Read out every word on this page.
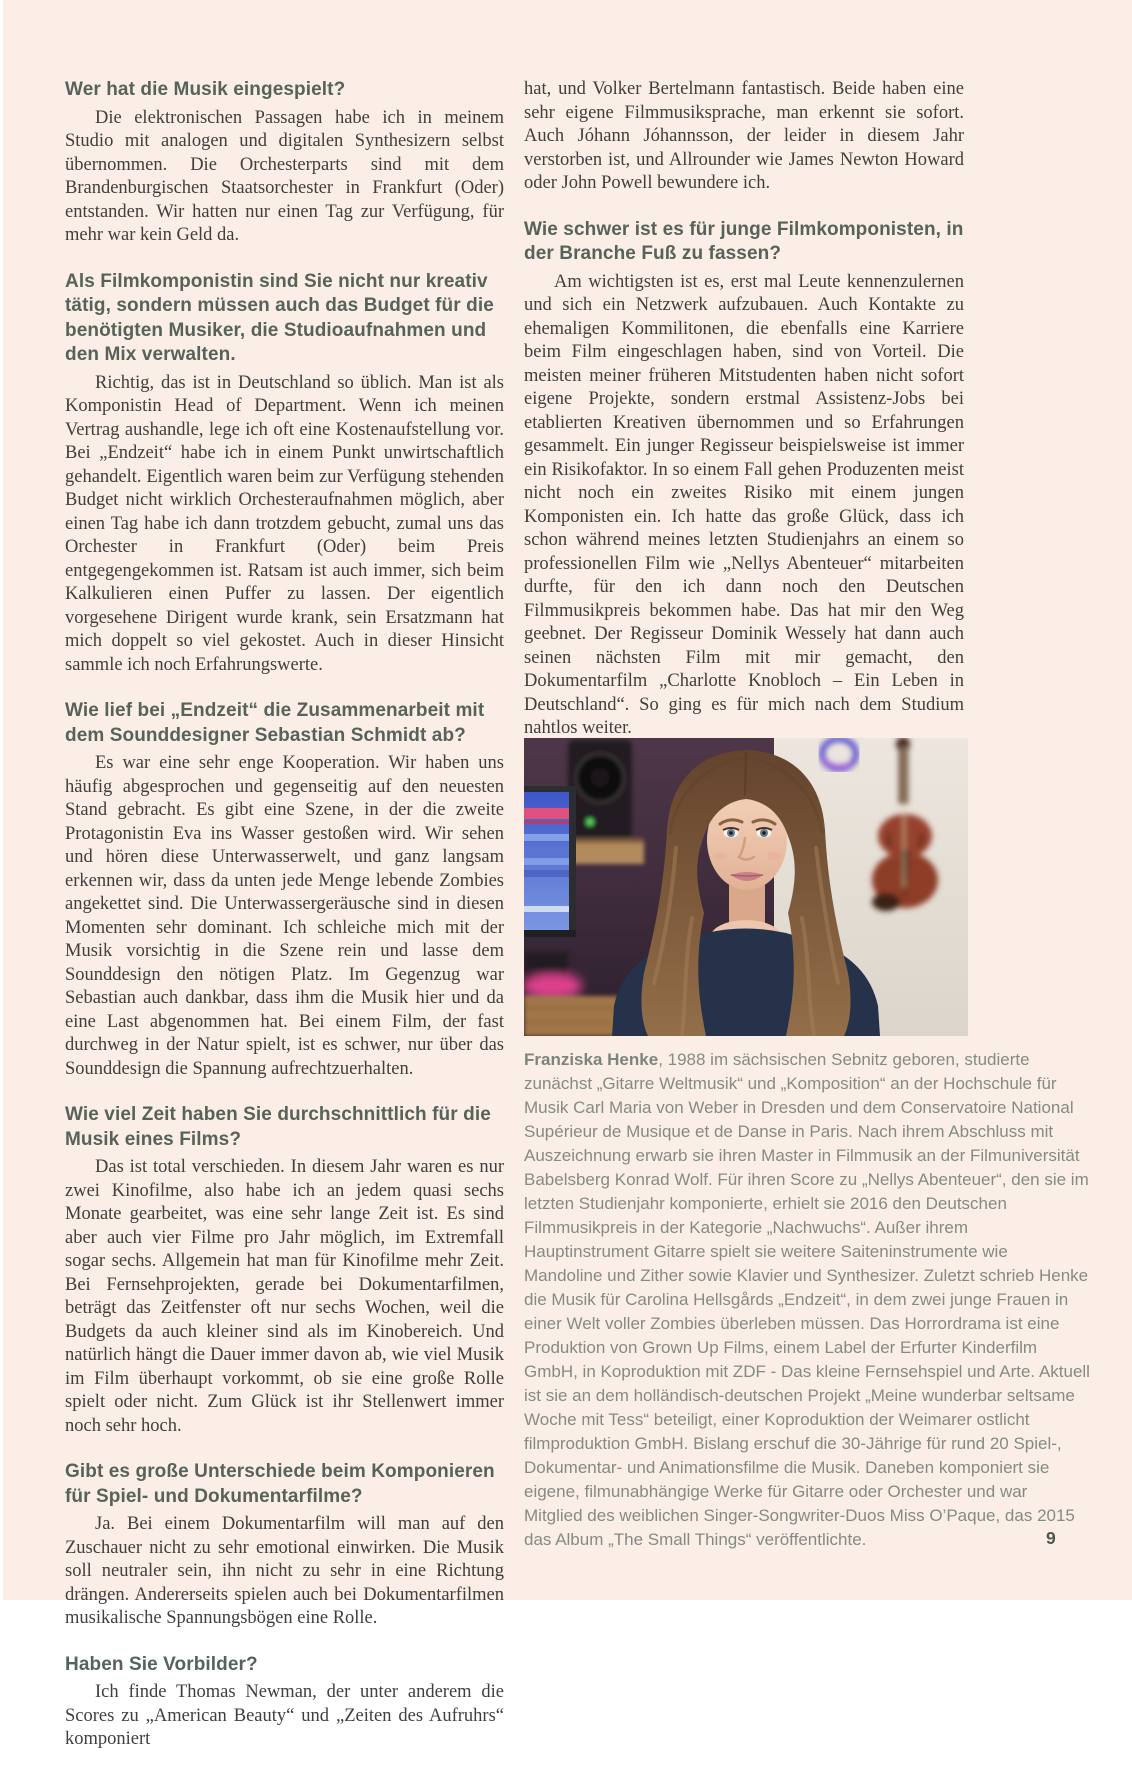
Wer hat die Musik eingespielt?

Die elektronischen Passagen habe ich in meinem Studio mit analogen und digitalen Synthesizern selbst übernommen. Die Orchesterparts sind mit dem Brandenburgischen Staatsorchester in Frankfurt (Oder) entstanden. Wir hatten nur einen Tag zur Verfügung, für mehr war kein Geld da.

Als Filmkomponistin sind Sie nicht nur kreativ tätig, sondern müssen auch das Budget für die benötigten Musiker, die Studioaufnahmen und den Mix verwalten.

Richtig, das ist in Deutschland so üblich. Man ist als Komponistin Head of Department. Wenn ich meinen Vertrag aushandle, lege ich oft eine Kostenaufstellung vor. Bei „Endzeit“ habe ich in einem Punkt unwirtschaftlich gehandelt. Eigentlich waren beim zur Verfügung stehenden Budget nicht wirklich Orchesteraufnahmen möglich, aber einen Tag habe ich dann trotzdem gebucht, zumal uns das Orchester in Frankfurt (Oder) beim Preis entgegengekommen ist. Ratsam ist auch immer, sich beim Kalkulieren einen Puffer zu lassen. Der eigentlich vorgesehene Dirigent wurde krank, sein Ersatzmann hat mich doppelt so viel gekostet. Auch in dieser Hinsicht sammle ich noch Erfahrungswerte.

Wie lief bei „Endzeit“ die Zusammenarbeit mit dem Sounddesigner Sebastian Schmidt ab?

Es war eine sehr enge Kooperation. Wir haben uns häufig abgesprochen und gegenseitig auf den neuesten Stand gebracht. Es gibt eine Szene, in der die zweite Protagonistin Eva ins Wasser gestoßen wird. Wir sehen und hören diese Unterwasserwelt, und ganz langsam erkennen wir, dass da unten jede Menge lebende Zombies angekettet sind. Die Unterwassergeräusche sind in diesen Momenten sehr dominant. Ich schleiche mich mit der Musik vorsichtig in die Szene rein und lasse dem Sounddesign den nötigen Platz. Im Gegenzug war Sebastian auch dankbar, dass ihm die Musik hier und da eine Last abgenommen hat. Bei einem Film, der fast durchweg in der Natur spielt, ist es schwer, nur über das Sounddesign die Spannung aufrechtzuerhalten.

Wie viel Zeit haben Sie durchschnittlich für die Musik eines Films?

Das ist total verschieden. In diesem Jahr waren es nur zwei Kinofilme, also habe ich an jedem quasi sechs Monate gearbeitet, was eine sehr lange Zeit ist. Es sind aber auch vier Filme pro Jahr möglich, im Extremfall sogar sechs. Allgemein hat man für Kinofilme mehr Zeit. Bei Fernsehprojekten, gerade bei Dokumentarfilmen, beträgt das Zeitfenster oft nur sechs Wochen, weil die Budgets da auch kleiner sind als im Kinobereich. Und natürlich hängt die Dauer immer davon ab, wie viel Musik im Film überhaupt vorkommt, ob sie eine große Rolle spielt oder nicht. Zum Glück ist ihr Stellenwert immer noch sehr hoch.

Gibt es große Unterschiede beim Komponieren für Spiel- und Dokumentarfilme?

Ja. Bei einem Dokumentarfilm will man auf den Zuschauer nicht zu sehr emotional einwirken. Die Musik soll neutraler sein, ihn nicht zu sehr in eine Richtung drängen. Andererseits spielen auch bei Dokumentarfilmen musikalische Spannungsbögen eine Rolle.

Haben Sie Vorbilder?

Ich finde Thomas Newman, der unter anderem die Scores zu „American Beauty“ und „Zeiten des Aufruhrs“ komponiert

hat, und Volker Bertelmann fantastisch. Beide haben eine sehr eigene Filmmusiksprache, man erkennt sie sofort. Auch Jóhann Jóhannsson, der leider in diesem Jahr verstorben ist, und Allrounder wie James Newton Howard oder John Powell bewundere ich.

Wie schwer ist es für junge Filmkomponisten, in der Branche Fuß zu fassen?

Am wichtigsten ist es, erst mal Leute kennenzulernen und sich ein Netzwerk aufzubauen. Auch Kontakte zu ehemaligen Kommilitonen, die ebenfalls eine Karriere beim Film eingeschlagen haben, sind von Vorteil. Die meisten meiner früheren Mitstudenten haben nicht sofort eigene Projekte, sondern erstmal Assistenz-Jobs bei etablierten Kreativen übernommen und so Erfahrungen gesammelt. Ein junger Regisseur beispielsweise ist immer ein Risikofaktor. In so einem Fall gehen Produzenten meist nicht noch ein zweites Risiko mit einem jungen Komponisten ein. Ich hatte das große Glück, dass ich schon während meines letzten Studienjahrs an einem so professionellen Film wie „Nellys Abenteuer“ mitarbeiten durfte, für den ich dann noch den Deutschen Filmmusikpreis bekommen habe. Das hat mir den Weg geebnet. Der Regisseur Dominik Wessely hat dann auch seinen nächsten Film mit mir gemacht, den Dokumentarfilm „Charlotte Knobloch – Ein Leben in Deutschland“. So ging es für mich nach dem Studium nahtlos weiter.

Franziska Henke, 1988 im sächsischen Sebnitz geboren, studierte zunächst „Gitarre Weltmusik“ und „Komposition“ an der Hochschule für Musik Carl Maria von Weber in Dresden und dem Conservatoire National Supérieur de Musique et de Danse in Paris. Nach ihrem Abschluss mit Auszeichnung erwarb sie ihren Master in Filmmusik an der Filmuniversität Babelsberg Konrad Wolf. Für ihren Score zu „Nellys Abenteuer“, den sie im letzten Studienjahr komponierte, erhielt sie 2016 den Deutschen Filmmusikpreis in der Kategorie „Nachwuchs“. Außer ihrem Hauptinstrument Gitarre spielt sie weitere Saiteninstrumente wie Mandoline und Zither sowie Klavier und Synthesizer. Zuletzt schrieb Henke die Musik für Carolina Hellsgårds „Endzeit“, in dem zwei junge Frauen in einer Welt voller Zombies überleben müssen. Das Horrordrama ist eine Produktion von Grown Up Films, einem Label der Erfurter Kinderfilm GmbH, in Koproduktion mit ZDF - Das kleine Fernsehspiel und Arte. Aktuell ist sie an dem holländisch-deutschen Projekt „Meine wunderbar seltsame Woche mit Tess“ beteiligt, einer Koproduktion der Weimarer ostlicht filmproduktion GmbH. Bislang erschuf die 30-Jährige für rund 20 Spiel-, Dokumentar- und Animationsfilme die Musik. Daneben komponiert sie eigene, filmunabhängige Werke für Gitarre oder Orchester und war Mitglied des weiblichen Singer-Songwriter-Duos Miss O’Paque, das 2015 das Album „The Small Things“ veröffentlichte.	9
